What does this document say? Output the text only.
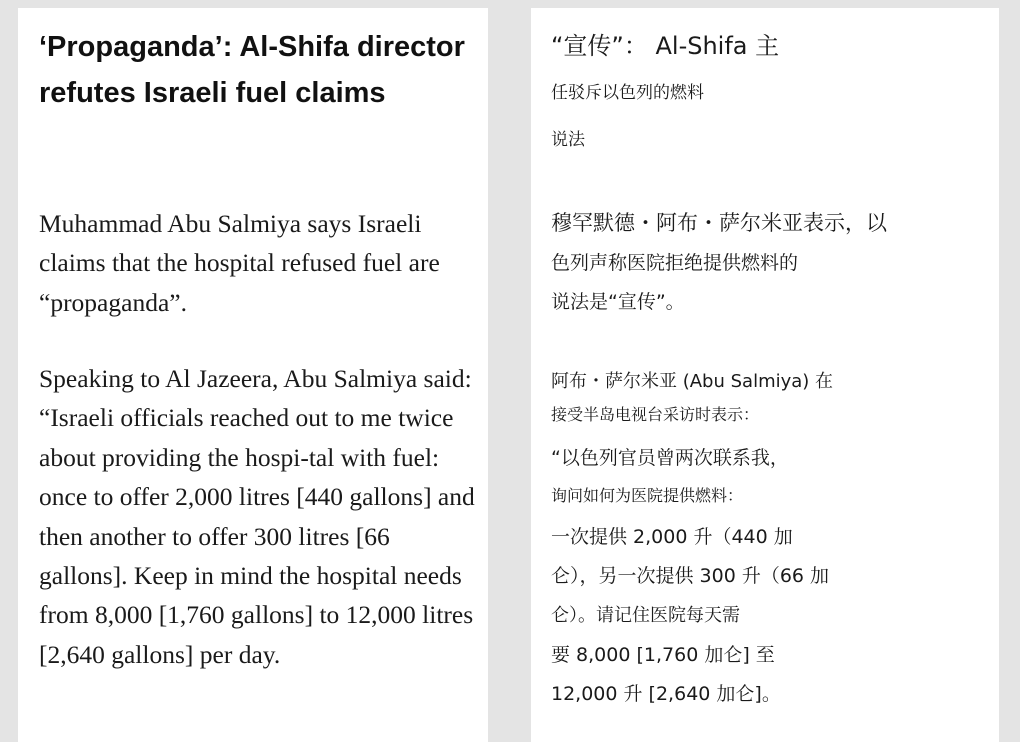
‘Propaganda’: Al-Shifa director refutes Israeli fuel claims

Muhammad Abu Salmiya says Israeli claims that the hospital refused fuel are “propaganda”.

Speaking to Al Jazeera, Abu Salmiya said: “Israeli officials reached out to me twice about providing the hospi-tal with fuel: once to offer 2,000 litres [440 gallons] and then another to offer 300 litres [66 gallons]. Keep in mind the hospital needs from 8,000 [1,760 gallons] to 12,000 litres [2,640 gallons] per day.

“宣传”： Al-Shifa 主
任驳斥以色列的燃料
说法
穆罕默德・阿布・萨尔米亚表示，以
色列声称医院拒绝提供燃料的
说法是“宣传”。
阿布・萨尔米亚 (Abu Salmiya) 在
接受半岛电视台采访时表示：
“以色列官员曾两次联系我，
询问如何为医院提供燃料：
一次提供 2,000 升（440 加
仑），另一次提供 300 升（66 加
仑）。请记住医院每天需
要 8,000 [1,760 加仑] 至
12,000 升 [2,640 加仑]。
